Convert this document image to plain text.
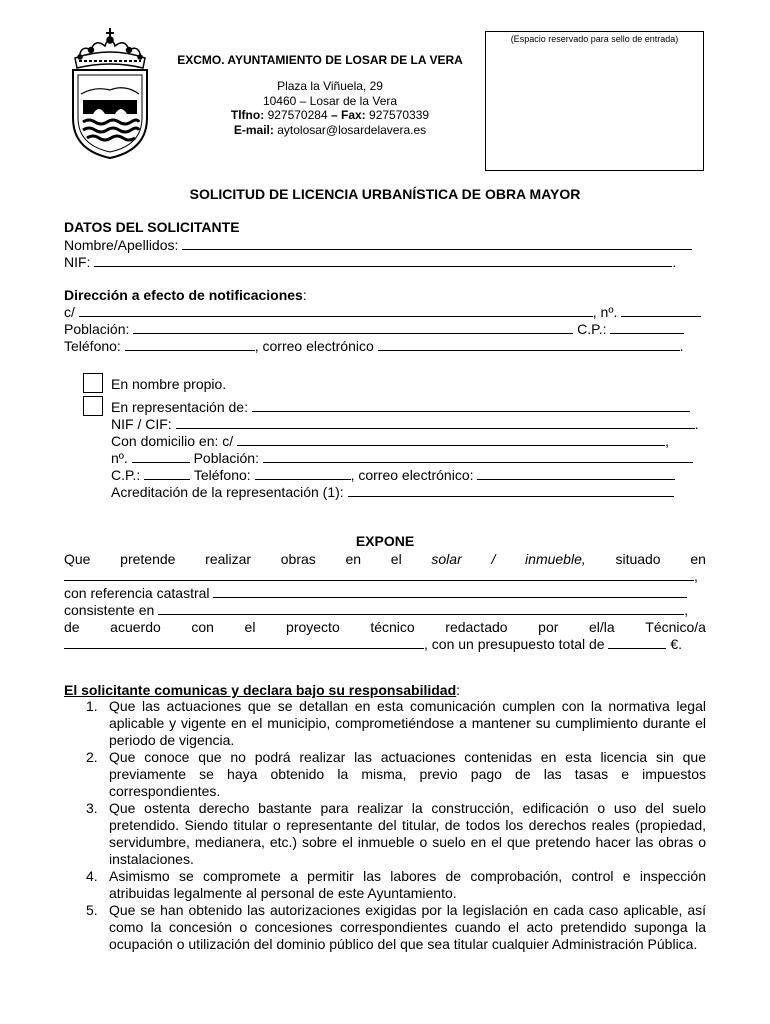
EXCMO. AYUNTAMIENTO DE LOSAR DE LA VERA
Plaza la Viñuela, 29
10460 – Losar de la Vera
Tlfno: 927570284 – Fax: 927570339
E-mail: aytolosar@losardelavera.es
(Espacio reservado para sello de entrada)
SOLICITUD DE LICENCIA URBANÍSTICA DE OBRA MAYOR
DATOS DEL SOLICITANTE
Nombre/Apellidos:
NIF:	.
Dirección a efecto de notificaciones:
c/	, nº.
Población:	C.P.:
Teléfono:	, correo electrónico	.
En nombre propio.
En representación de:
NIF / CIF:	.
Con domicilio en: c/	,
nº.	Población:
C.P.:	Teléfono:	, correo electrónico:
Acreditación de la representación (1):
EXPONE
Que pretende realizar obras en el solar / inmueble, situado en
,
con referencia catastral
consistente en	,
de acuerdo con el proyecto técnico redactado por el/la Técnico/a
, con un presupuesto total de	€.
El solicitante comunicas y declara bajo su responsabilidad:
1. Que las actuaciones que se detallan en esta comunicación cumplen con la normativa legal aplicable y vigente en el municipio, comprometiéndose a mantener su cumplimiento durante el periodo de vigencia.
2. Que conoce que no podrá realizar las actuaciones contenidas en esta licencia sin que previamente se haya obtenido la misma, previo pago de las tasas e impuestos correspondientes.
3. Que ostenta derecho bastante para realizar la construcción, edificación o uso del suelo pretendido. Siendo titular o representante del titular, de todos los derechos reales (propiedad, servidumbre, medianera, etc.) sobre el inmueble o suelo en el que pretendo hacer las obras o instalaciones.
4. Asimismo se compromete a permitir las labores de comprobación, control e inspección atribuidas legalmente al personal de este Ayuntamiento.
5. Que se han obtenido las autorizaciones exigidas por la legislación en cada caso aplicable, así como la concesión o concesiones correspondientes cuando el acto pretendido suponga la ocupación o utilización del dominio público del que sea titular cualquier Administración Pública.
